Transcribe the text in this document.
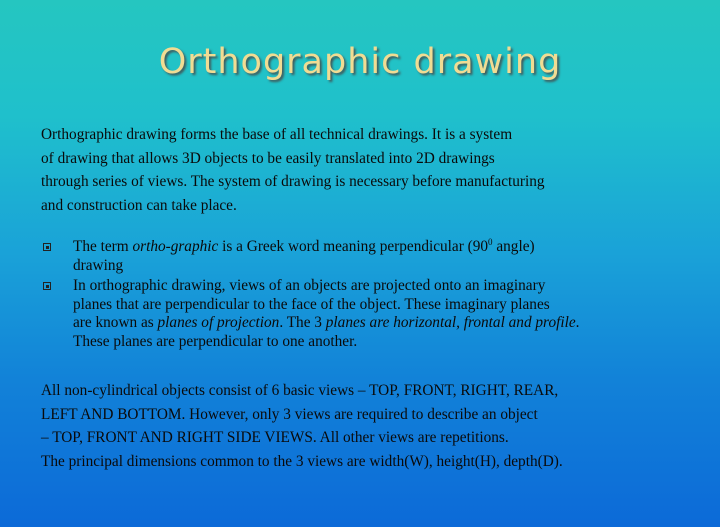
Orthographic drawing

Orthographic drawing forms the base of all technical drawings. It is a system
of drawing that allows 3D objects to be easily translated into 2D drawings
through series of views. The system of drawing is necessary before manufacturing
and construction can take place.

The term ortho-graphic is a Greek word meaning perpendicular ($90^0$ angle)
drawing
In orthographic drawing, views of an objects are projected onto an imaginary
planes that are perpendicular to the face of the object. These imaginary planes
are known as planes of projection. The 3 planes are horizontal, frontal and profile.
These planes are perpendicular to one another.

All non-cylindrical objects consist of 6 basic views – TOP, FRONT, RIGHT, REAR,
LEFT AND BOTTOM. However, only 3 views are required to describe an object
– TOP, FRONT AND RIGHT SIDE VIEWS. All other views are repetitions.
The principal dimensions common to the 3 views are width(W), height(H), depth(D).
